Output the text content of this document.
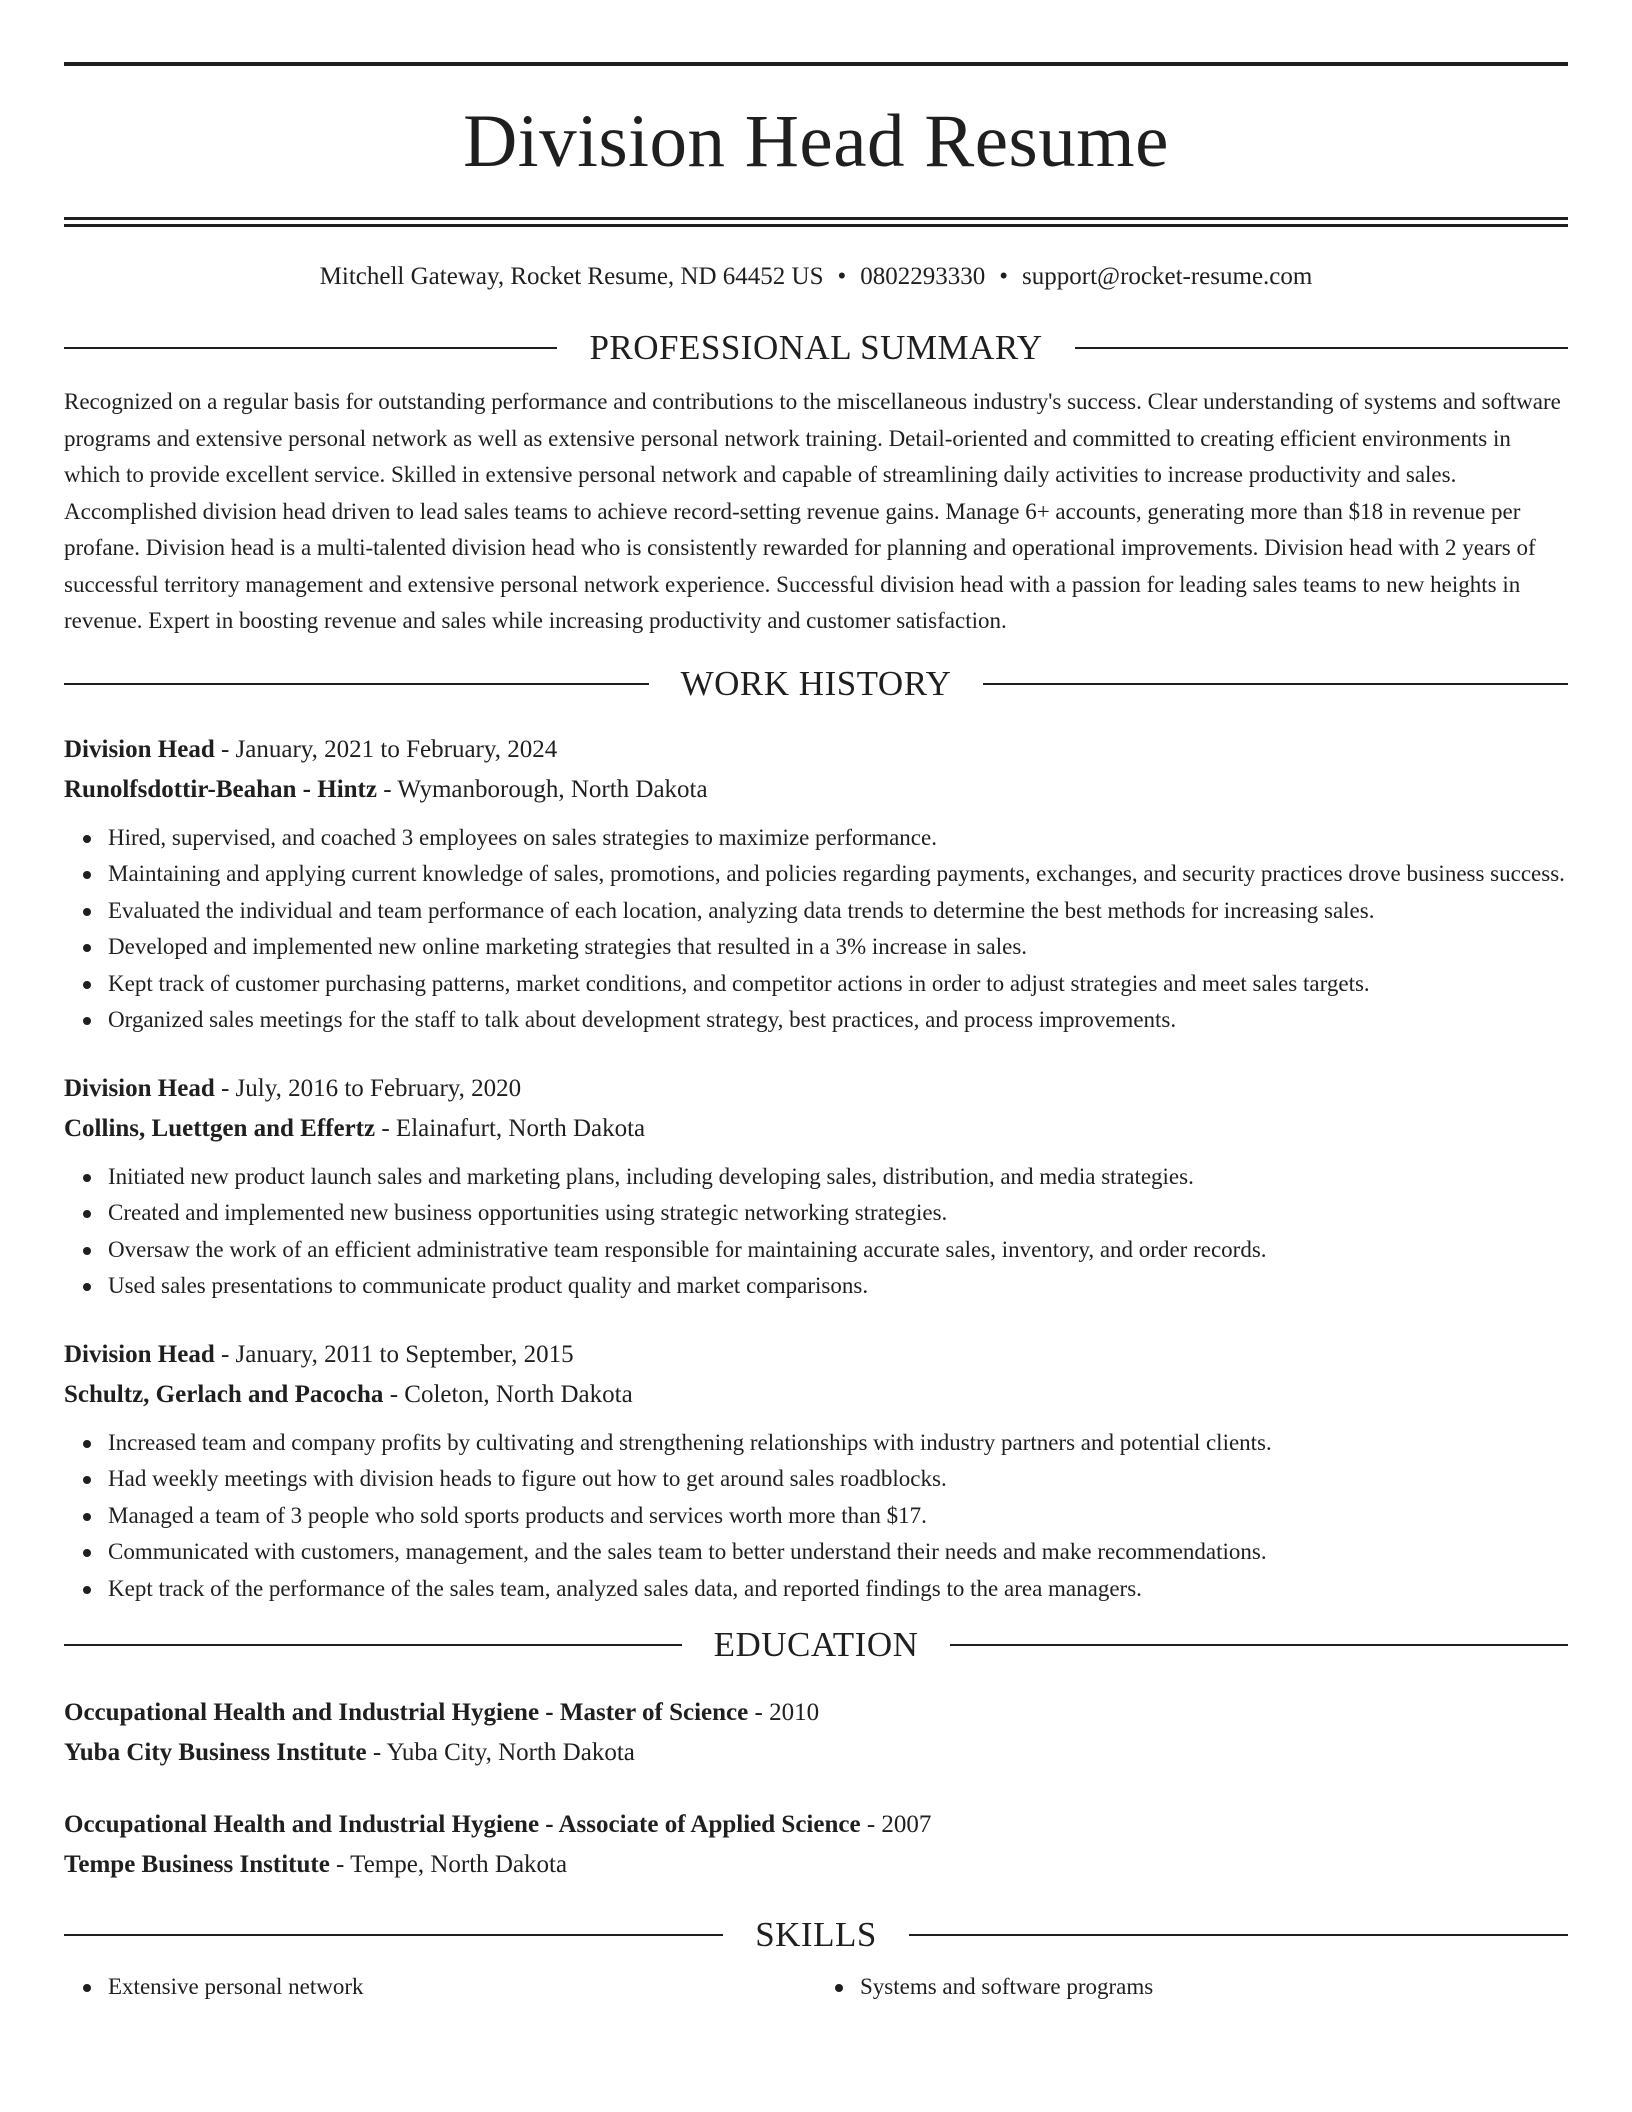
Division Head Resume
Mitchell Gateway, Rocket Resume, ND 64452 US • 0802293330 • support@rocket-resume.com
PROFESSIONAL SUMMARY

Recognized on a regular basis for outstanding performance and contributions to the miscellaneous industry's success. Clear understanding of systems and software programs and extensive personal network as well as extensive personal network training. Detail-oriented and committed to creating efficient environments in which to provide excellent service. Skilled in extensive personal network and capable of streamlining daily activities to increase productivity and sales. Accomplished division head driven to lead sales teams to achieve record-setting revenue gains. Manage 6+ accounts, generating more than $18 in revenue per profane. Division head is a multi-talented division head who is consistently rewarded for planning and operational improvements. Division head with 2 years of successful territory management and extensive personal network experience. Successful division head with a passion for leading sales teams to new heights in revenue. Expert in boosting revenue and sales while increasing productivity and customer satisfaction.

WORK HISTORY
Division Head - January, 2021 to February, 2024
Runolfsdottir-Beahan - Hintz - Wymanborough, North Dakota
Hired, supervised, and coached 3 employees on sales strategies to maximize performance.
Maintaining and applying current knowledge of sales, promotions, and policies regarding payments, exchanges, and security practices drove business success.
Evaluated the individual and team performance of each location, analyzing data trends to determine the best methods for increasing sales.
Developed and implemented new online marketing strategies that resulted in a 3% increase in sales.
Kept track of customer purchasing patterns, market conditions, and competitor actions in order to adjust strategies and meet sales targets.
Organized sales meetings for the staff to talk about development strategy, best practices, and process improvements.
Division Head - July, 2016 to February, 2020
Collins, Luettgen and Effertz - Elainafurt, North Dakota
Initiated new product launch sales and marketing plans, including developing sales, distribution, and media strategies.
Created and implemented new business opportunities using strategic networking strategies.
Oversaw the work of an efficient administrative team responsible for maintaining accurate sales, inventory, and order records.
Used sales presentations to communicate product quality and market comparisons.
Division Head - January, 2011 to September, 2015
Schultz, Gerlach and Pacocha - Coleton, North Dakota
Increased team and company profits by cultivating and strengthening relationships with industry partners and potential clients.
Had weekly meetings with division heads to figure out how to get around sales roadblocks.
Managed a team of 3 people who sold sports products and services worth more than $17.
Communicated with customers, management, and the sales team to better understand their needs and make recommendations.
Kept track of the performance of the sales team, analyzed sales data, and reported findings to the area managers.
EDUCATION
Occupational Health and Industrial Hygiene - Master of Science - 2010
Yuba City Business Institute - Yuba City, North Dakota
Occupational Health and Industrial Hygiene - Associate of Applied Science - 2007
Tempe Business Institute - Tempe, North Dakota
SKILLS
Extensive personal network	Systems and software programs
